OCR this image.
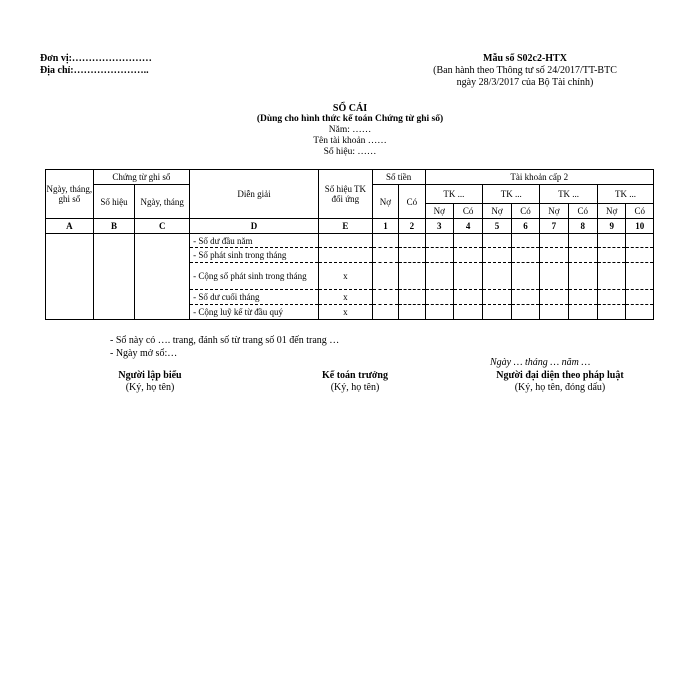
Đơn vị:……………………
Địa chỉ:…………………..
Mẫu số S02c2-HTX
(Ban hành theo Thông tư số 24/2017/TT-BTC
ngày 28/3/2017 của Bộ Tài chính)
SỔ CÁI
(Dùng cho hình thức kế toán Chứng từ ghi sổ)
Năm: ……
Tên tài khoản ……
Số hiệu: ……
Ngày, tháng, ghi sổ	Chứng từ ghi sổ		Diễn giải	Số hiệu TK đối ứng	Số tiền		Tài khoản cấp 2							
	Số hiệu	Ngày, tháng			Nợ	Có	TK ...		TK ...		TK ...		TK ...	
							Nợ	Có	Nợ	Có	Nợ	Có	Nợ	Có
A	B	C	D	E	1	2	3	4	5	6	7	8	9	10
			- Số dư đầu năm											
			- Số phát sinh trong tháng											
			- Cộng số phát sinh trong tháng	x										
			- Số dư cuối tháng	x										
			- Cộng luỹ kế từ đầu quý	x										
- Sổ này có …. trang, đánh số từ trang số 01 đến trang …
- Ngày mở sổ:…
Ngày … tháng … năm …
Người lập biểu
(Ký, họ tên)
Kế toán trưởng
(Ký, họ tên)
Người đại diện theo pháp luật
(Ký, họ tên, đóng dấu)
